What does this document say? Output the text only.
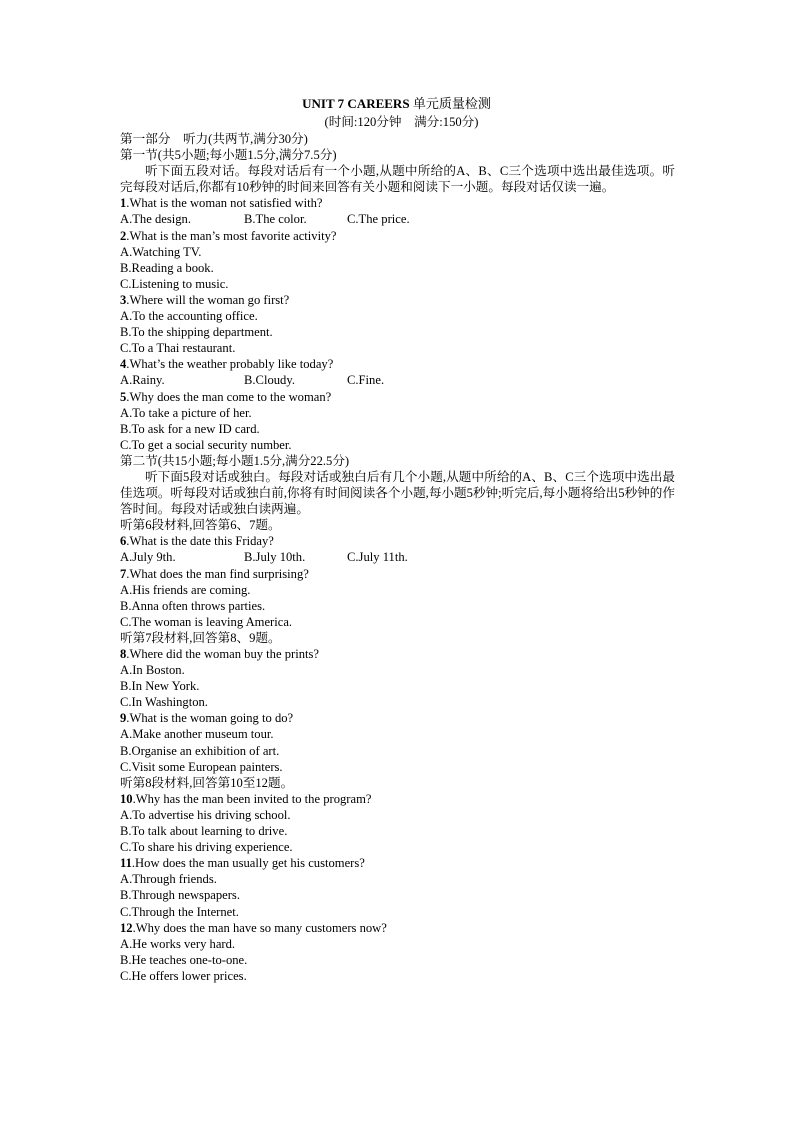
UNIT 7 CAREERS 单元质量检测
(时间:120分钟　满分:150分)
第一部分　听力(共两节,满分30分)
第一节(共5小题;每小题1.5分,满分7.5分)
听下面五段对话。每段对话后有一个小题,从题中所给的A、B、C三个选项中选出最佳选项。听完每段对话后,你都有10秒钟的时间来回答有关小题和阅读下一小题。每段对话仅读一遍。
1.What is the woman not satisfied with?
A.The design.	B.The color.	C.The price.
2.What is the man’s most favorite activity?
A.Watching TV.
B.Reading a book.
C.Listening to music.
3.Where will the woman go first?
A.To the accounting office.
B.To the shipping department.
C.To a Thai restaurant.
4.What’s the weather probably like today?
A.Rainy.	B.Cloudy.	C.Fine.
5.Why does the man come to the woman?
A.To take a picture of her.
B.To ask for a new ID card.
C.To get a social security number.
第二节(共15小题;每小题1.5分,满分22.5分)
听下面5段对话或独白。每段对话或独白后有几个小题,从题中所给的A、B、C三个选项中选出最佳选项。听每段对话或独白前,你将有时间阅读各个小题,每小题5秒钟;听完后,每小题将给出5秒钟的作答时间。每段对话或独白读两遍。
听第6段材料,回答第6、7题。
6.What is the date this Friday?
A.July 9th.	B.July 10th.	C.July 11th.
7.What does the man find surprising?
A.His friends are coming.
B.Anna often throws parties.
C.The woman is leaving America.
听第7段材料,回答第8、9题。
8.Where did the woman buy the prints?
A.In Boston.
B.In New York.
C.In Washington.
9.What is the woman going to do?
A.Make another museum tour.
B.Organise an exhibition of art.
C.Visit some European painters.
听第8段材料,回答第10至12题。
10.Why has the man been invited to the program?
A.To advertise his driving school.
B.To talk about learning to drive.
C.To share his driving experience.
11.How does the man usually get his customers?
A.Through friends.
B.Through newspapers.
C.Through the Internet.
12.Why does the man have so many customers now?
A.He works very hard.
B.He teaches one-to-one.
C.He offers lower prices.
